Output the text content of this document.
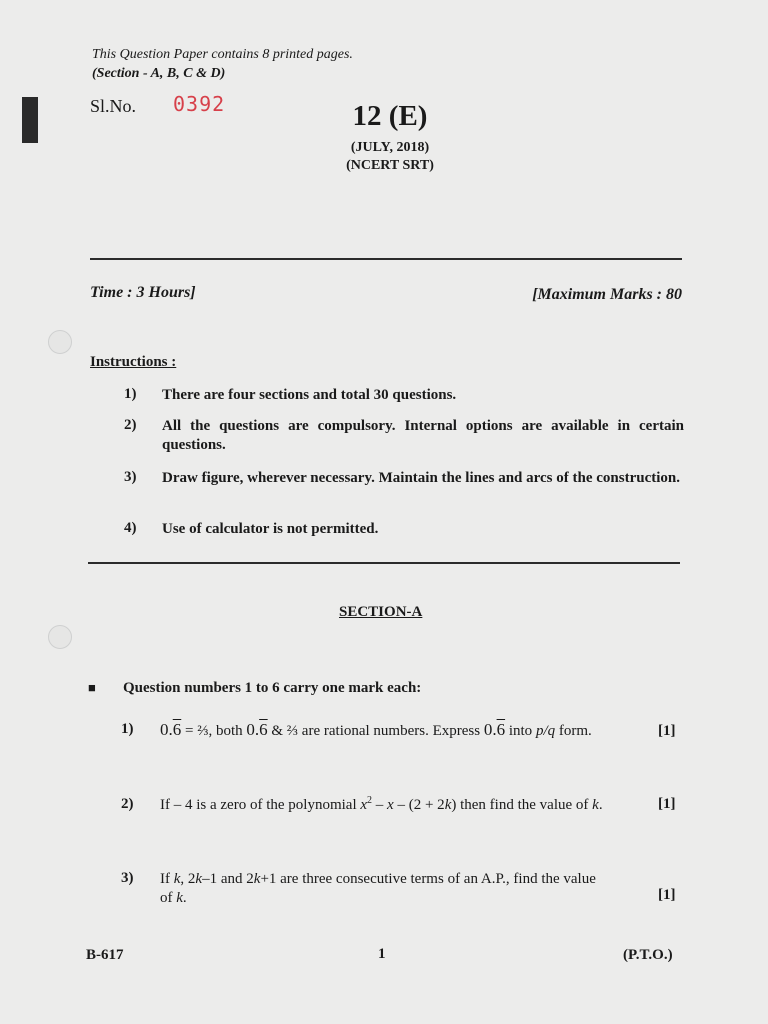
This Question Paper contains 8 printed pages.
(Section - A, B, C & D)
Sl.No. 0392	12 (E)
(JULY, 2018)
(NCERT SRT)
Time : 3 Hours]	[Maximum Marks : 80
Instructions :
1)	There are four sections and total 30 questions.
2)	All the questions are compulsory. Internal options are available in certain questions.
3)	Draw figure, wherever necessary. Maintain the lines and arcs of the construction.
4)	Use of calculator is not permitted.
SECTION-A
■ Question numbers 1 to 6 carry one mark each:
1) 0.6 = ⅔, both 0.6 & ⅔ are rational numbers. Express 0.6 into p/q form.	[1]
2) If – 4 is a zero of the polynomial $x^2 - x - (2 + 2k)$ then find the value of k.	[1]
3) If k, 2k–1 and 2k+1 are three consecutive terms of an A.P., find the value
of k.	[1]
B-617	1	(P.T.O.)
